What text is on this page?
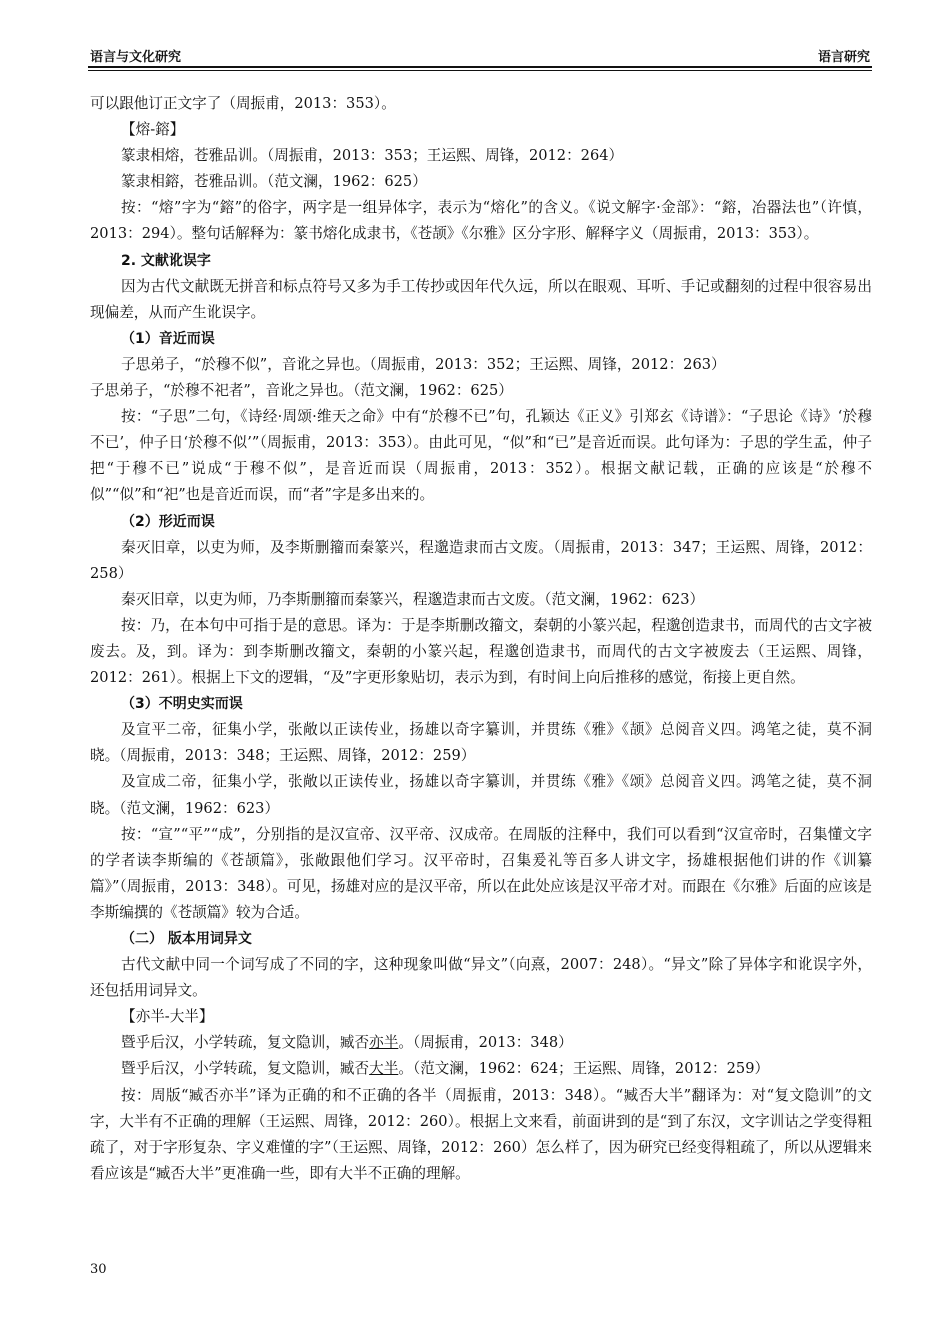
语言与文化研究	语言研究

可以跟他订正文字了（周振甫，2013：353）。

【熔-鎔】

篆隶相熔，苍雅品训。（周振甫，2013：353；王运熙、周锋，2012：264）

篆隶相鎔，苍雅品训。（范文澜，1962：625）

按：“熔”字为“鎔”的俗字，两字是一组异体字，表示为“熔化”的含义。《说文解字·金部》：“鎔，冶器法也”（许慎，2013：294）。整句话解释为：篆书熔化成隶书，《苍颉》《尔雅》区分字形、解释字义（周振甫，2013：353）。

2. 文献讹误字

因为古代文献既无拼音和标点符号又多为手工传抄或因年代久远，所以在眼观、耳听、手记或翻刻的过程中很容易出现偏差，从而产生讹误字。

（1）音近而误

子思弟子，“於穆不似”，音讹之异也。（周振甫，2013：352；王运熙、周锋，2012：263）

子思弟子，“於穆不祀者”，音讹之异也。（范文澜，1962：625）

按：“子思”二句，《诗经·周颂·维天之命》中有“於穆不已”句，孔颖达《正义》引郑玄《诗谱》：“子思论《诗》‘於穆不已’，仲子日‘於穆不似’”（周振甫，2013：353）。由此可见，“似”和“已”是音近而误。此句译为：子思的学生孟，仲子把“于穆不已”说成“于穆不似”，是音近而误（周振甫，2013：352）。根据文献记载，正确的应该是“於穆不似”“似”和“祀”也是音近而误，而“者”字是多出来的。

（2）形近而误

秦灭旧章，以吏为师，及李斯删籀而秦篆兴，程邈造隶而古文废。（周振甫，2013：347；王运熙、周锋，2012：258）

秦灭旧章，以吏为师，乃李斯删籀而秦篆兴，程邈造隶而古文废。（范文澜，1962：623）

按：乃，在本句中可指于是的意思。译为：于是李斯删改籀文，秦朝的小篆兴起，程邈创造隶书，而周代的古文字被废去。及，到。译为：到李斯删改籀文，秦朝的小篆兴起，程邈创造隶书，而周代的古文字被废去（王运熙、周锋，2012：261）。根据上下文的逻辑，“及”字更形象贴切，表示为到，有时间上向后推移的感觉，衔接上更自然。

（3）不明史实而误

及宣平二帝，征集小学，张敞以正读传业，扬雄以奇字纂训，并贯练《雅》《颉》总阅音义四。鸿笔之徒，莫不洞晓。（周振甫，2013：348；王运熙、周锋，2012：259）

及宣成二帝，征集小学，张敞以正读传业，扬雄以奇字纂训，并贯练《雅》《颂》总阅音义四。鸿笔之徒，莫不洞晓。（范文澜，1962：623）

按：“宣”“平”“成”，分别指的是汉宣帝、汉平帝、汉成帝。在周版的注释中，我们可以看到“汉宣帝时，召集懂文字的学者读李斯编的《苍颉篇》，张敞跟他们学习。汉平帝时，召集爰礼等百多人讲文字，扬雄根据他们讲的作《训纂篇》”（周振甫，2013：348）。可见，扬雄对应的是汉平帝，所以在此处应该是汉平帝才对。而跟在《尔雅》后面的应该是李斯编撰的《苍颉篇》较为合适。

（二） 版本用词异文

古代文献中同一个词写成了不同的字，这种现象叫做“异文”（向熹，2007：248）。“异文”除了异体字和讹误字外，还包括用词异文。

【亦半-大半】

暨乎后汉，小学转疏，复文隐训，臧否亦半。（周振甫，2013：348）

暨乎后汉，小学转疏，复文隐训，臧否大半。（范文澜，1962：624；王运熙、周锋，2012：259）

按：周版“臧否亦半”译为正确的和不正确的各半（周振甫，2013：348）。“臧否大半”翻译为：对“复文隐训”的文字，大半有不正确的理解（王运熙、周锋，2012：260）。根据上文来看，前面讲到的是“到了东汉，文字训诂之学变得粗疏了，对于字形复杂、字义难懂的字”（王运熙、周锋，2012：260）怎么样了，因为研究已经变得粗疏了，所以从逻辑来看应该是“臧否大半”更准确一些，即有大半不正确的理解。

30
